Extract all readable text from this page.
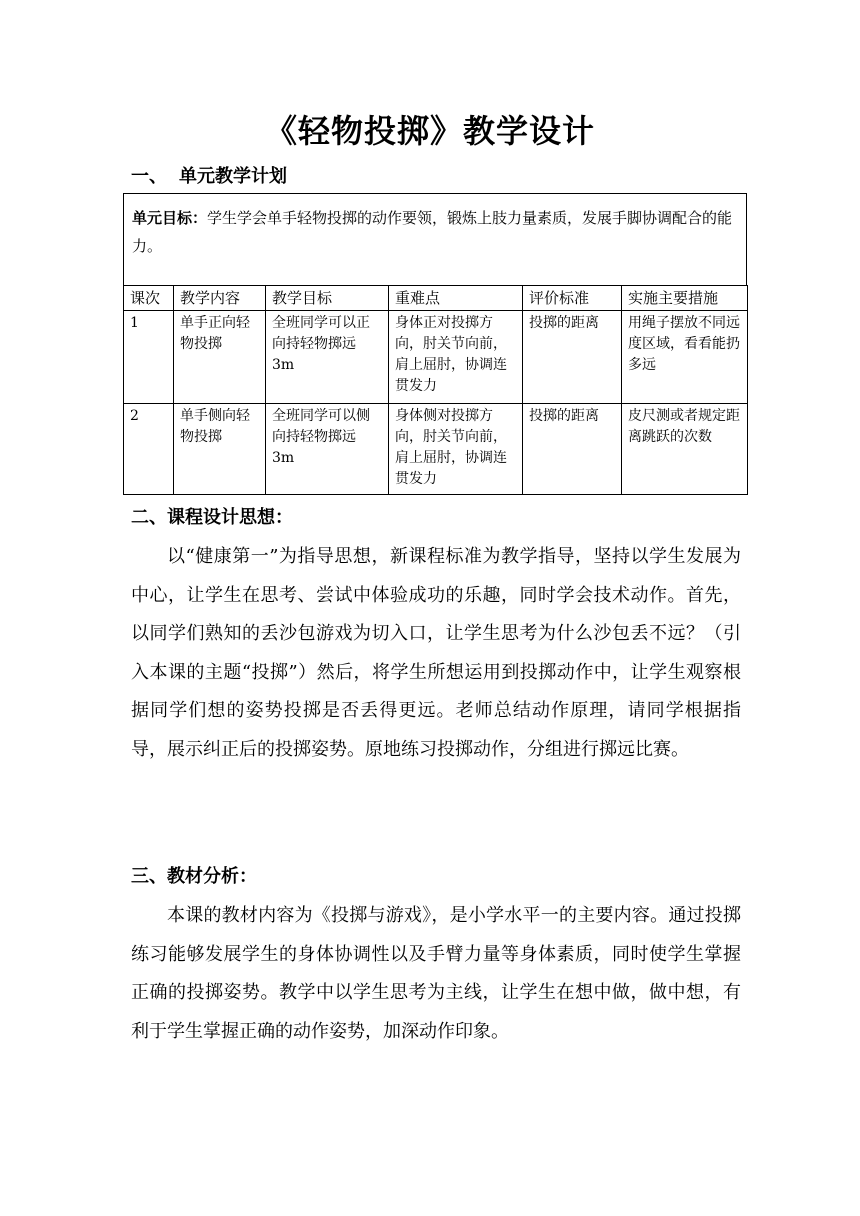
《轻物投掷》教学设计
一、 单元教学计划
单元目标：学生学会单手轻物投掷的动作要领，锻炼上肢力量素质，发展手脚协调配合的能力。
课次	教学内容	教学目标	重难点	评价标准	实施主要措施
1	单手正向轻物投掷	全班同学可以正向持轻物掷远 3m	身体正对投掷方向，肘关节向前，肩上屈肘，协调连贯发力	投掷的距离	用绳子摆放不同远度区域，看看能扔多远
2	单手侧向轻物投掷	全班同学可以侧向持轻物掷远 3m	身体侧对投掷方向，肘关节向前，肩上屈肘，协调连贯发力	投掷的距离	皮尺测或者规定距离跳跃的次数
二、课程设计思想：
以“健康第一”为指导思想，新课程标准为教学指导，坚持以学生发展为中心，让学生在思考、尝试中体验成功的乐趣，同时学会技术动作。首先，以同学们熟知的丢沙包游戏为切入口，让学生思考为什么沙包丢不远？（引入本课的主题“投掷”）然后，将学生所想运用到投掷动作中，让学生观察根据同学们想的姿势投掷是否丢得更远。老师总结动作原理，请同学根据指导，展示纠正后的投掷姿势。原地练习投掷动作，分组进行掷远比赛。
三、教材分析：
本课的教材内容为《投掷与游戏》，是小学水平一的主要内容。通过投掷练习能够发展学生的身体协调性以及手臂力量等身体素质，同时使学生掌握正确的投掷姿势。教学中以学生思考为主线，让学生在想中做，做中想，有利于学生掌握正确的动作姿势，加深动作印象。
